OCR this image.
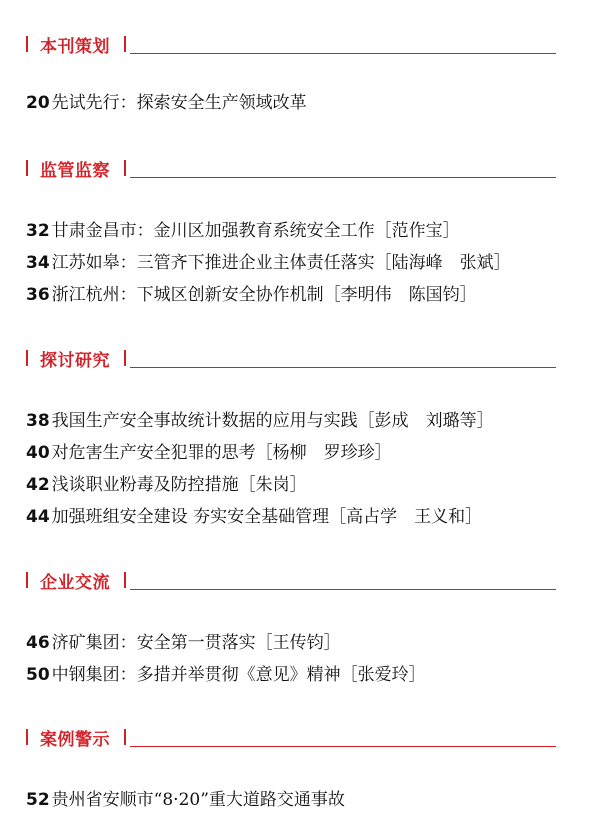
本刊策划
20 先试先行：探索安全生产领域改革
监管监察
32 甘肃金昌市：金川区加强教育系统安全工作［范作宝］
34 江苏如皋：三管齐下推进企业主体责任落实［陆海峰　张斌］
36 浙江杭州：下城区创新安全协作机制［李明伟　陈国钧］
探讨研究
38 我国生产安全事故统计数据的应用与实践［彭成　刘璐等］
40 对危害生产安全犯罪的思考［杨柳　罗珍珍］
42 浅谈职业粉毒及防控措施［朱岗］
44 加强班组安全建设 夯实安全基础管理［高占学　王义和］
企业交流
46 济矿集团：安全第一贯落实［王传钧］
50 中钢集团：多措并举贯彻《意见》精神［张爱玲］
案例警示
52 贵州省安顺市“8·20”重大道路交通事故
